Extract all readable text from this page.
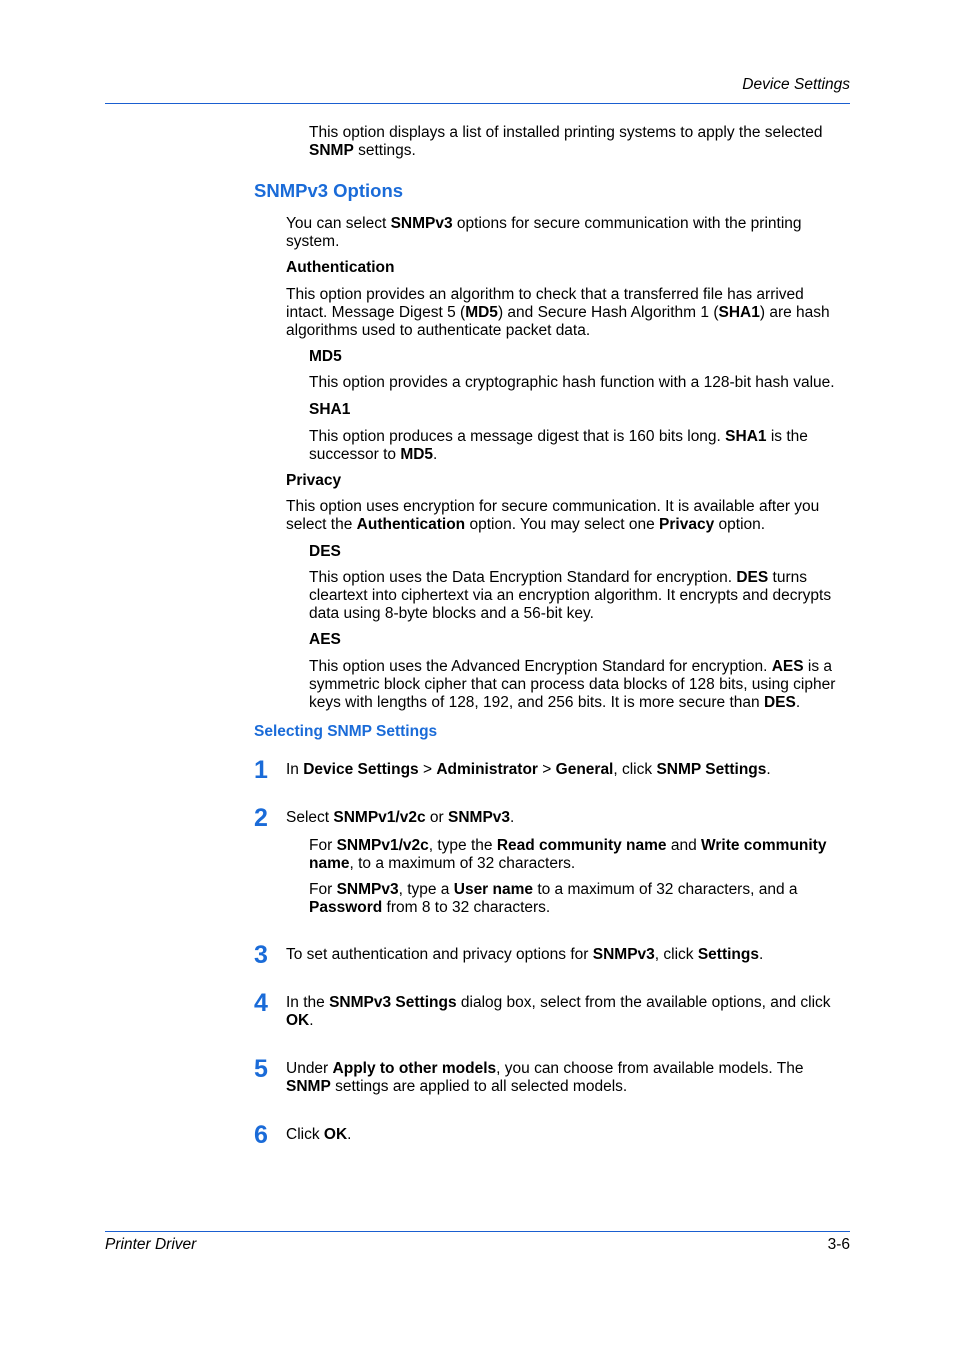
Device Settings
This option displays a list of installed printing systems to apply the selected
SNMP settings.
SNMPv3 Options
You can select SNMPv3 options for secure communication with the printing
system.
Authentication
This option provides an algorithm to check that a transferred file has arrived
intact. Message Digest 5 (MD5) and Secure Hash Algorithm 1 (SHA1) are hash
algorithms used to authenticate packet data.
MD5
This option provides a cryptographic hash function with a 128-bit hash value.
SHA1
This option produces a message digest that is 160 bits long. SHA1 is the
successor to MD5.
Privacy
This option uses encryption for secure communication. It is available after you
select the Authentication option. You may select one Privacy option.
DES
This option uses the Data Encryption Standard for encryption. DES turns
cleartext into ciphertext via an encryption algorithm. It encrypts and decrypts
data using 8-byte blocks and a 56-bit key.
AES
This option uses the Advanced Encryption Standard for encryption. AES is a
symmetric block cipher that can process data blocks of 128 bits, using cipher
keys with lengths of 128, 192, and 256 bits. It is more secure than DES.
Selecting SNMP Settings
1 In Device Settings > Administrator > General, click SNMP Settings.
2 Select SNMPv1/v2c or SNMPv3.
For SNMPv1/v2c, type the Read community name and Write community
name, to a maximum of 32 characters.
For SNMPv3, type a User name to a maximum of 32 characters, and a
Password from 8 to 32 characters.
3 To set authentication and privacy options for SNMPv3, click Settings.
4 In the SNMPv3 Settings dialog box, select from the available options, and click
OK.
5 Under Apply to other models, you can choose from available models. The
SNMP settings are applied to all selected models.
6 Click OK.
Printer Driver	3-6
